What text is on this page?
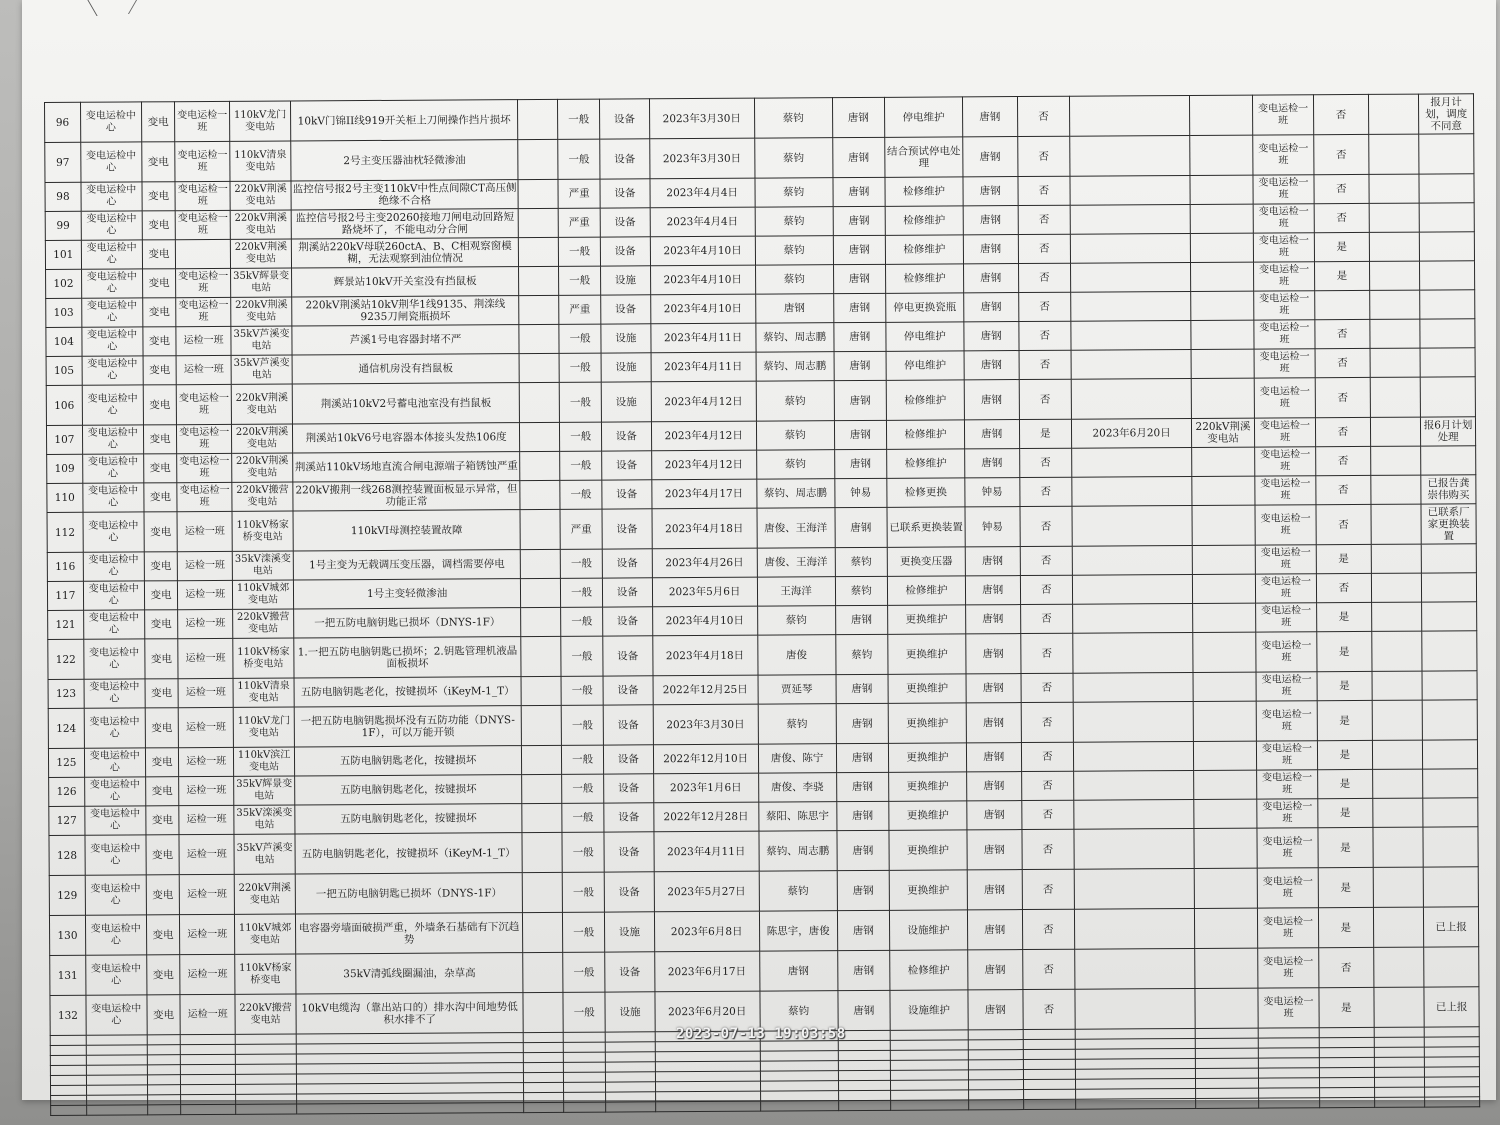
96	变电运检中心	变电	变电运检一班	110kV龙门变电站	10kV门锦II线919开关柜上刀闸操作挡片损坏		一般	设备	2023年3月30日	蔡钧	唐钢	停电维护	唐钢	否			变电运检一班	否		报月计划，调度不同意
97	变电运检中心	变电	变电运检一班	110kV清泉变电站	2号主变压器油枕轻微渗油		一般	设备	2023年3月30日	蔡钧	唐钢	结合预试停电处理	唐钢	否			变电运检一班	否		
98	变电运检中心	变电	变电运检一班	220kV荆溪变电站	监控信号报2号主变110kV中性点间隙CT高压侧绝缘不合格		严重	设备	2023年4月4日	蔡钧	唐钢	检修维护	唐钢	否			变电运检一班	否		
99	变电运检中心	变电	变电运检一班	220kV荆溪变电站	监控信号报2号主变20260接地刀闸电动回路短路烧坏了，不能电动分合闸		严重	设备	2023年4月4日	蔡钧	唐钢	检修维护	唐钢	否			变电运检一班	否		
101	变电运检中心	变电		220kV荆溪变电站	荆溪站220kV母联260ctA、B、C相观察窗模糊，无法观察到油位情况		一般	设备	2023年4月10日	蔡钧	唐钢	检修维护	唐钢	否			变电运检一班	是		
102	变电运检中心	变电	变电运检一班	35kV辉景变电站	辉景站10kV开关室没有挡鼠板		一般	设施	2023年4月10日	蔡钧	唐钢	检修维护	唐钢	否			变电运检一班	是		
103	变电运检中心	变电	变电运检一班	220kV荆溪变电站	220kV荆溪站10kV荆华1线9135、荆滦线9235刀闸瓷瓶损坏		严重	设备	2023年4月10日	唐钢	唐钢	停电更换瓷瓶	唐钢	否			变电运检一班			
104	变电运检中心	变电	运检一班	35kV芦溪变电站	芦溪1号电容器封堵不严		一般	设施	2023年4月11日	蔡钧、周志鹏	唐钢	停电维护	唐钢	否			变电运检一班	否		
105	变电运检中心	变电	运检一班	35kV芦溪变电站	通信机房没有挡鼠板		一般	设施	2023年4月11日	蔡钧、周志鹏	唐钢	停电维护	唐钢	否			变电运检一班	否		
106	变电运检中心	变电	变电运检一班	220kV荆溪变电站	荆溪站10kV2号蓄电池室没有挡鼠板		一般	设施	2023年4月12日	蔡钧	唐钢	检修维护	唐钢	否			变电运检一班	否		
107	变电运检中心	变电	变电运检一班	220kV荆溪变电站	荆溪站10kV6号电容器本体接头发热106度		一般	设备	2023年4月12日	蔡钧	唐钢	检修维护	唐钢	是	2023年6月20日	220kV荆溪变电站	变电运检一班	否		报6月计划处理
109	变电运检中心	变电	变电运检一班	220kV荆溪变电站	荆溪站110kV场地直流合闸电源端子箱锈蚀严重		一般	设备	2023年4月12日	蔡钧	唐钢	检修维护	唐钢	否			变电运检一班	否		
110	变电运检中心	变电	变电运检一班	220kV搬营变电站	220kV搬荆一线268测控装置面板显示异常，但功能正常		一般	设备	2023年4月17日	蔡钧、周志鹏	钟易	检修更换	钟易	否			变电运检一班	否		已报告龚崇伟购买
112	变电运检中心	变电	运检一班	110kV杨家桥变电站	110kVI母测控装置故障		严重	设备	2023年4月18日	唐俊、王海洋	唐钢	已联系更换装置	钟易	否			变电运检一班	否		已联系厂家更换装置
116	变电运检中心	变电	运检一班	35kV滦溪变电站	1号主变为无载调压变压器，调档需要停电		一般	设备	2023年4月26日	唐俊、王海洋	蔡钧	更换变压器	唐钢	否			变电运检一班	是		
117	变电运检中心	变电	运检一班	110kV城郊变电站	1号主变轻微渗油		一般	设备	2023年5月6日	王海洋	蔡钧	检修维护	唐钢	否			变电运检一班	否		
121	变电运检中心	变电	运检一班	220kV搬营变电站	一把五防电脑钥匙已损坏（DNYS-1F）		一般	设备	2023年4月10日	蔡钧	唐钢	更换维护	唐钢	否			变电运检一班	是		
122	变电运检中心	变电	运检一班	110kV杨家桥变电站	1.一把五防电脑钥匙已损坏；2.钥匙管理机液晶面板损坏		一般	设备	2023年4月18日	唐俊	蔡钧	更换维护	唐钢	否			变电运检一班	是		
123	变电运检中心	变电	运检一班	110kV清泉变电站	五防电脑钥匙老化，按键损坏（iKeyM-1_T）		一般	设备	2022年12月25日	贾延琴	唐钢	更换维护	唐钢	否			变电运检一班	是		
124	变电运检中心	变电	运检一班	110kV龙门变电站	一把五防电脑钥匙损坏没有五防功能（DNYS-1F），可以万能开锁		一般	设备	2023年3月30日	蔡钧	唐钢	更换维护	唐钢	否			变电运检一班	是		
125	变电运检中心	变电	运检一班	110kV滨江变电站	五防电脑钥匙老化，按键损坏		一般	设备	2022年12月10日	唐俊、陈宁	唐钢	更换维护	唐钢	否			变电运检一班	是		
126	变电运检中心	变电	运检一班	35kV辉景变电站	五防电脑钥匙老化，按键损坏		一般	设备	2023年1月6日	唐俊、李骁	唐钢	更换维护	唐钢	否			变电运检一班	是		
127	变电运检中心	变电	运检一班	35kV滦溪变电站	五防电脑钥匙老化，按键损坏		一般	设备	2022年12月28日	蔡阳、陈思宇	唐钢	更换维护	唐钢	否			变电运检一班	是		
128	变电运检中心	变电	运检一班	35kV芦溪变电站	五防电脑钥匙老化，按键损坏（iKeyM-1_T）		一般	设备	2023年4月11日	蔡钧、周志鹏	唐钢	更换维护	唐钢	否			变电运检一班	是		
129	变电运检中心	变电	运检一班	220kV荆溪变电站	一把五防电脑钥匙已损坏（DNYS-1F）		一般	设备	2023年5月27日	蔡钧	唐钢	更换维护	唐钢	否			变电运检一班	是		
130	变电运检中心	变电	运检一班	110kV城郊变电站	电容器旁墙面破损严重，外墙条石基础有下沉趋势		一般	设施	2023年6月8日	陈思宇，唐俊	唐钢	设施维护	唐钢	否			变电运检一班	是		已上报
131	变电运检中心	变电	运检一班	110kV杨家桥变电	35kV清弧线圈漏油，杂草高		一般	设备	2023年6月17日	唐钢	唐钢	检修维护	唐钢	否			变电运检一班	否		
132	变电运检中心	变电	运检一班	220kV搬营变电站	10kV电缆沟（靠出站口的）排水沟中间地势低积水排不了		一般	设施	2023年6月20日	蔡钧	唐钢	设施维护	唐钢	否			变电运检一班	是		已上报

2023-07-13 19:03:58
